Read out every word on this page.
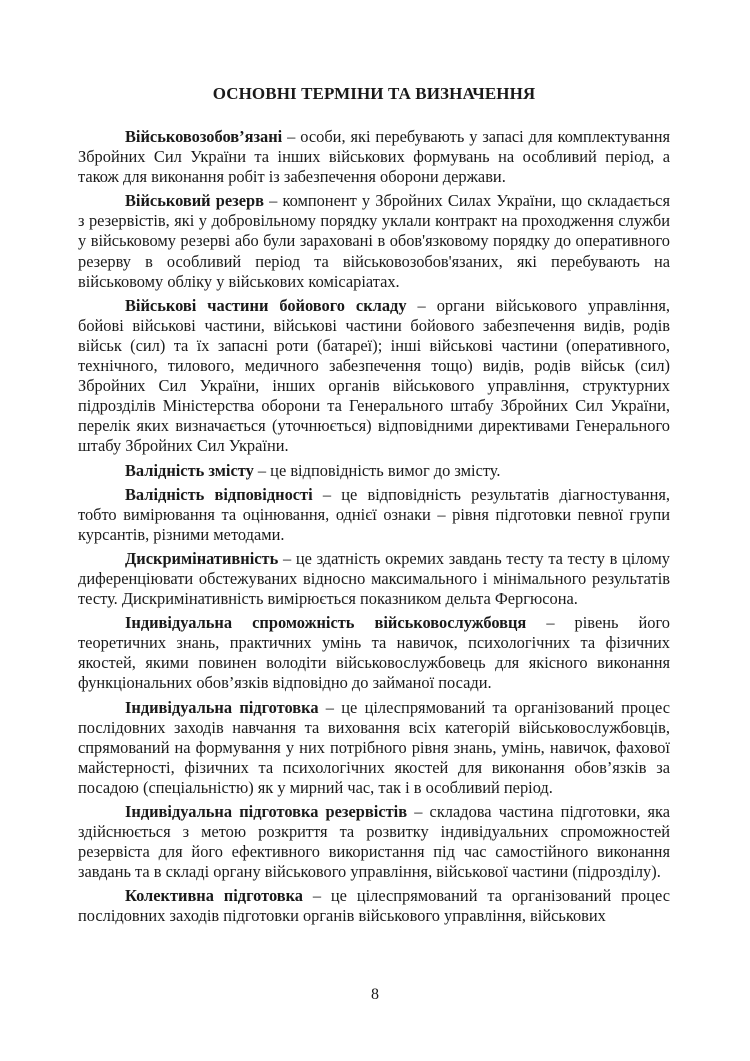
ОСНОВНІ ТЕРМІНИ ТА ВИЗНАЧЕННЯ

Військовозобов’язані – особи, які перебувають у запасі для комплектування Збройних Сил України та інших військових формувань на особливий період, а також для виконання робіт із забезпечення оборони держави.

Військовий резерв – компонент у Збройних Силах України, що складається з резервістів, які у добровільному порядку уклали контракт на проходження служби у військовому резерві або були зараховані в обов'язковому порядку до оперативного резерву в особливий період та військовозобов'язаних, які перебувають на військовому обліку у військових комісаріатах.

Військові частини бойового складу – органи військового управління, бойові військові частини, військові частини бойового забезпечення видів, родів військ (сил) та їх запасні роти (батареї); інші військові частини (оперативного, технічного, тилового, медичного забезпечення тощо) видів, родів військ (сил) Збройних Сил України, інших органів військового управління, структурних підрозділів Міністерства оборони та Генерального штабу Збройних Сил України, перелік яких визначається (уточнюється) відповідними директивами Генерального штабу Збройних Сил України.

Валідність змісту – це відповідність вимог до змісту.

Валідність відповідності – це відповідність результатів діагностування, тобто вимірювання та оцінювання, однієї ознаки – рівня підготовки певної групи курсантів, різними методами.

Дискримінативність – це здатність окремих завдань тесту та тесту в цілому диференціювати обстежуваних відносно максимального і мінімального результатів тесту. Дискримінативність вимірюється показником дельта Фергюсона.

Індивідуальна спроможність військовослужбовця – рівень його теоретичних знань, практичних умінь та навичок, психологічних та фізичних якостей, якими повинен володіти військовослужбовець для якісного виконання функціональних обов’язків відповідно до займаної посади.

Індивідуальна підготовка – це цілеспрямований та організований процес послідовних заходів навчання та виховання всіх категорій військовослужбовців, спрямований на формування у них потрібного рівня знань, умінь, навичок, фахової майстерності, фізичних та психологічних якостей для виконання обов’язків за посадою (спеціальністю) як у мирний час, так і в особливий період.

Індивідуальна підготовка резервістів – складова частина підготовки, яка здійснюється з метою розкриття та розвитку індивідуальних спроможностей резервіста для його ефективного використання під час самостійного виконання завдань та в складі органу військового управління, військової частини (підрозділу).

Колективна підготовка – це цілеспрямований та організований процес послідовних заходів підготовки органів військового управління, військових

8
